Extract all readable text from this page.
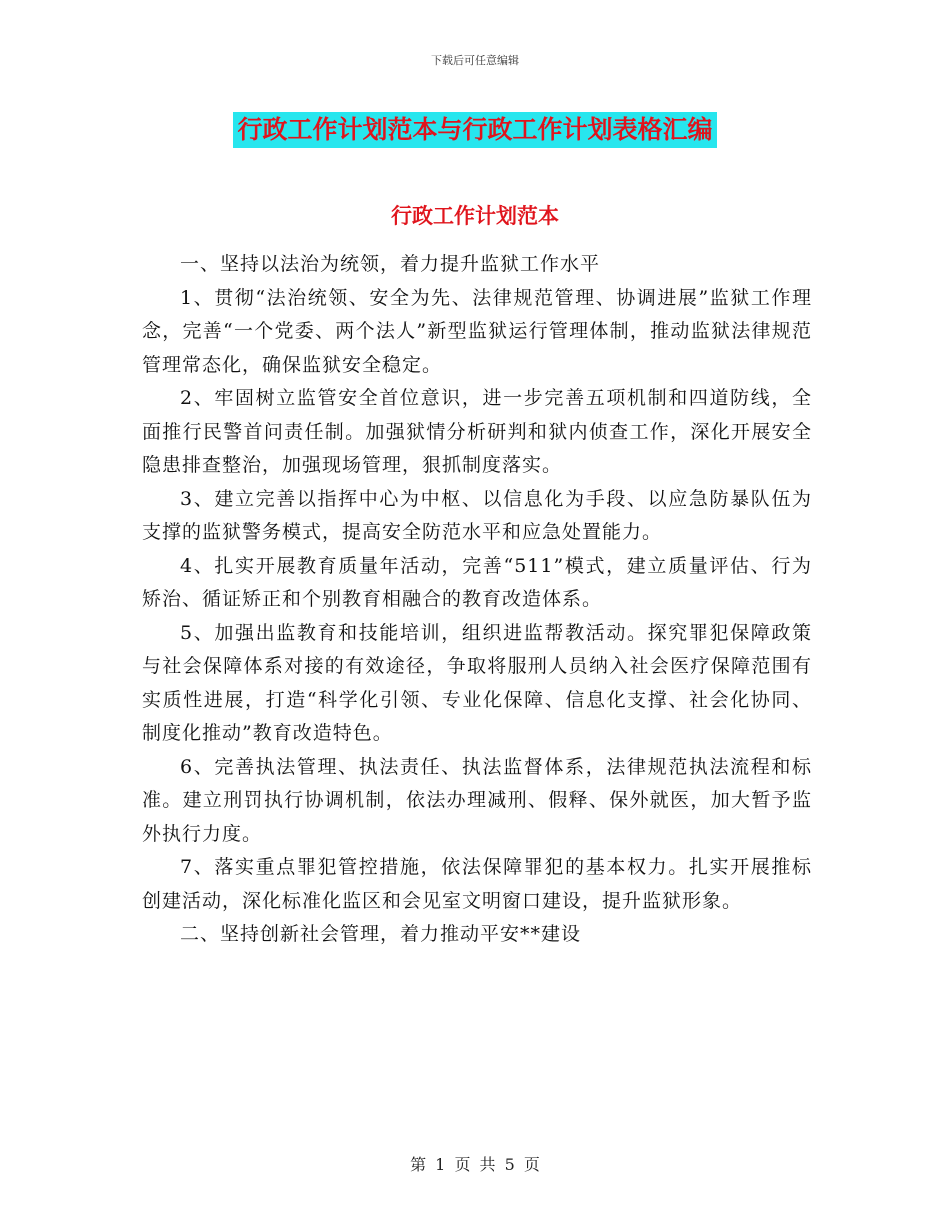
下载后可任意编辑
行政工作计划范本与行政工作计划表格汇编
行政工作计划范本

一、坚持以法治为统领，着力提升监狱工作水平

1、贯彻“法治统领、安全为先、法律规范管理、协调进展”监狱工作理念，完善“一个党委、两个法人”新型监狱运行管理体制，推动监狱法律规范管理常态化，确保监狱安全稳定。

2、牢固树立监管安全首位意识，进一步完善五项机制和四道防线，全面推行民警首问责任制。加强狱情分析研判和狱内侦查工作，深化开展安全隐患排查整治，加强现场管理，狠抓制度落实。

3、建立完善以指挥中心为中枢、以信息化为手段、以应急防暴队伍为支撑的监狱警务模式，提高安全防范水平和应急处置能力。

4、扎实开展教育质量年活动，完善“511”模式，建立质量评估、行为矫治、循证矫正和个别教育相融合的教育改造体系。

5、加强出监教育和技能培训，组织进监帮教活动。探究罪犯保障政策与社会保障体系对接的有效途径，争取将服刑人员纳入社会医疗保障范围有实质性进展，打造“科学化引领、专业化保障、信息化支撑、社会化协同、制度化推动”教育改造特色。

6、完善执法管理、执法责任、执法监督体系，法律规范执法流程和标准。建立刑罚执行协调机制，依法办理减刑、假释、保外就医，加大暂予监外执行力度。

7、落实重点罪犯管控措施，依法保障罪犯的基本权力。扎实开展推标创建活动，深化标准化监区和会见室文明窗口建设，提升监狱形象。

二、坚持创新社会管理，着力推动平安**建设

第 1 页 共 5 页
